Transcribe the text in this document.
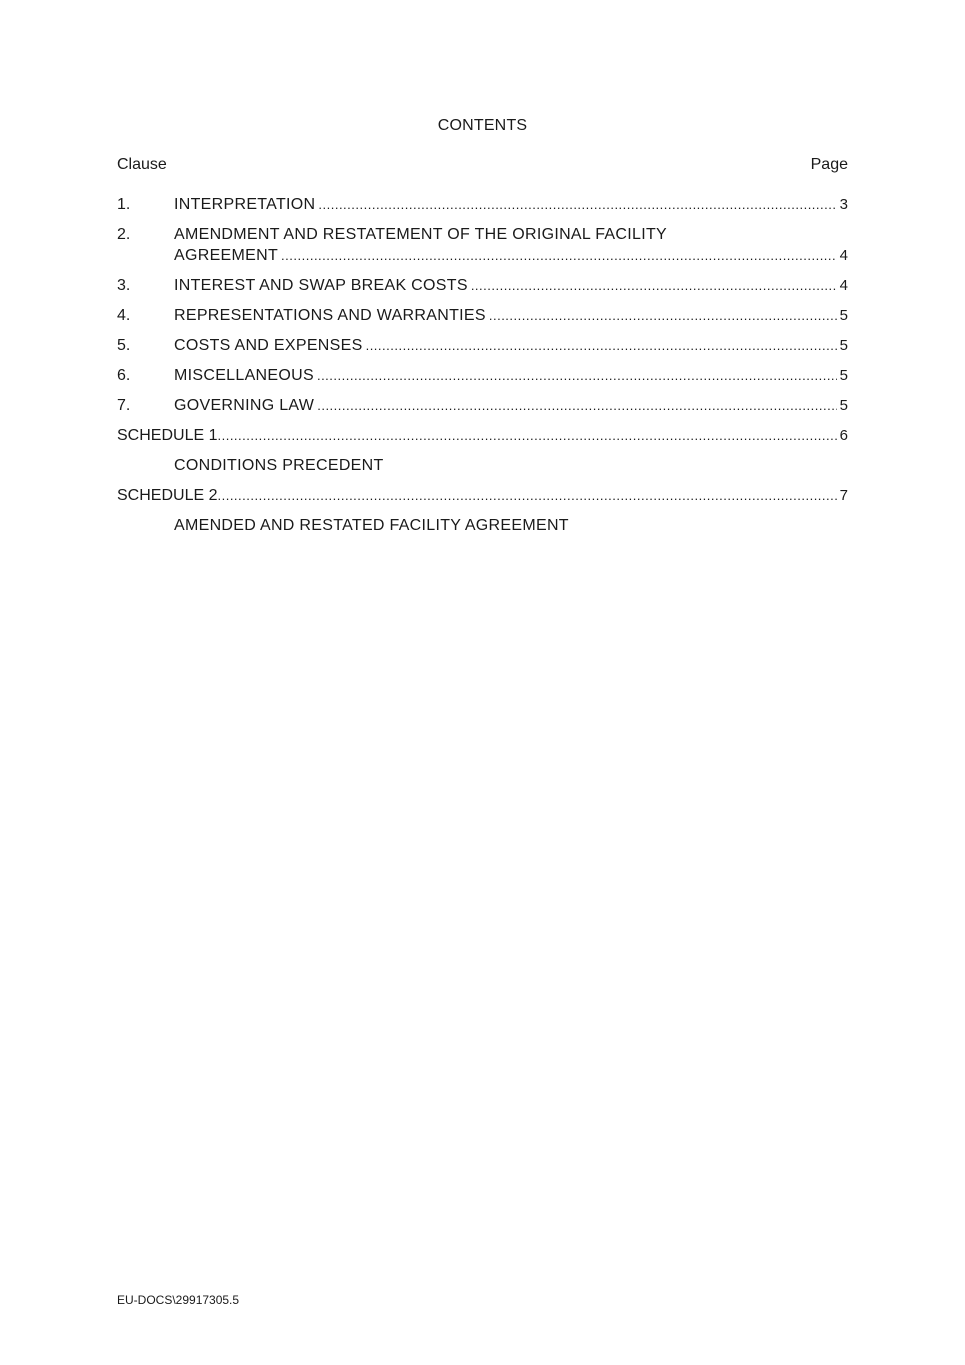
CONTENTS
Clause	Page
1.	INTERPRETATION .....	3
2.	AMENDMENT AND RESTATEMENT OF THE ORIGINAL FACILITY
AGREEMENT .....	4
3.	INTEREST AND SWAP BREAK COSTS .....	4
4.	REPRESENTATIONS AND WARRANTIES .....	5
5.	COSTS AND EXPENSES .....	5
6.	MISCELLANEOUS .....	5
7.	GOVERNING LAW .....	5
SCHEDULE 1 .....	6
CONDITIONS PRECEDENT
SCHEDULE 2 .....	7
AMENDED AND RESTATED FACILITY AGREEMENT
EU-DOCS\29917305.5
